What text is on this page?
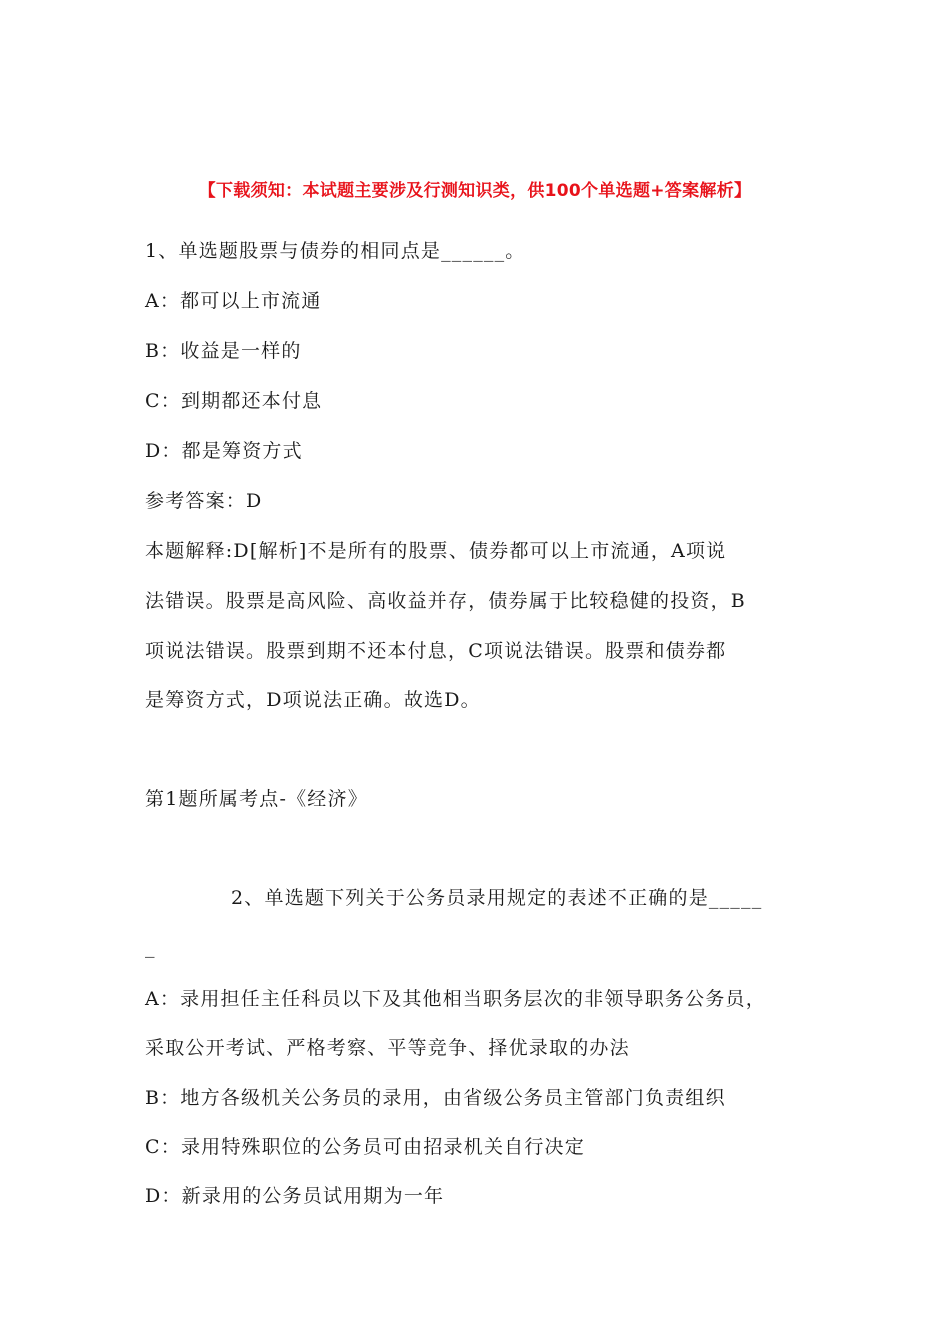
【下载须知：本试题主要涉及行测知识类，供100个单选题+答案解析】
1、单选题股票与债券的相同点是______。
A：都可以上市流通
B：收益是一样的
C：到期都还本付息
D：都是筹资方式
参考答案：D
本题解释:D[解析]不是所有的股票、债券都可以上市流通，A项说
法错误。股票是高风险、高收益并存，债券属于比较稳健的投资，B
项说法错误。股票到期不还本付息，C项说法错误。股票和债券都
是筹资方式，D项说法正确。故选D。
第1题所属考点-《经济》
2、单选题下列关于公务员录用规定的表述不正确的是_____
_
A：录用担任主任科员以下及其他相当职务层次的非领导职务公务员，
采取公开考试、严格考察、平等竞争、择优录取的办法
B：地方各级机关公务员的录用，由省级公务员主管部门负责组织
C：录用特殊职位的公务员可由招录机关自行决定
D：新录用的公务员试用期为一年
